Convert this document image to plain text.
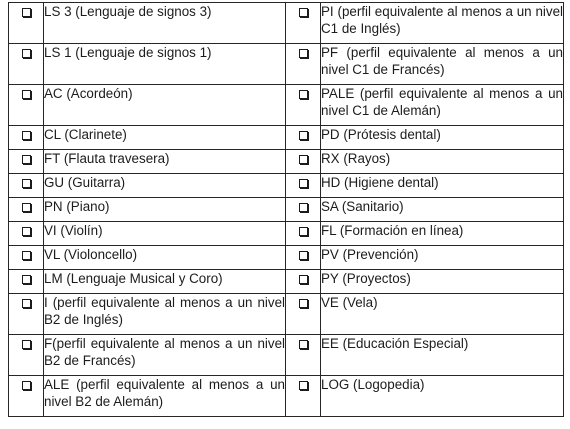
	LS 3 (Lenguaje de signos 3)		PI (perfil equivalente al menos a un nivel C1 de Inglés)
	LS 1 (Lenguaje de signos 1)		PF (perfil equivalente al menos a un nivel C1 de Francés)
	AC (Acordeón)		PALE (perfil equivalente al menos a un nivel C1 de Alemán)
	CL (Clarinete)		PD (Prótesis dental)
	FT (Flauta travesera)		RX (Rayos)
	GU (Guitarra)		HD (Higiene dental)
	PN (Piano)		SA (Sanitario)
	VI (Violín)		FL (Formación en línea)
	VL (Violoncello)		PV (Prevención)
	LM (Lenguaje Musical y Coro)		PY (Proyectos)
	I (perfil equivalente al menos a un nivel B2 de Inglés)		VE (Vela)
	F(perfil equivalente al menos a un nivel B2 de Francés)		EE (Educación Especial)
	ALE (perfil equivalente al menos a un nivel B2 de Alemán)		LOG (Logopedia)
